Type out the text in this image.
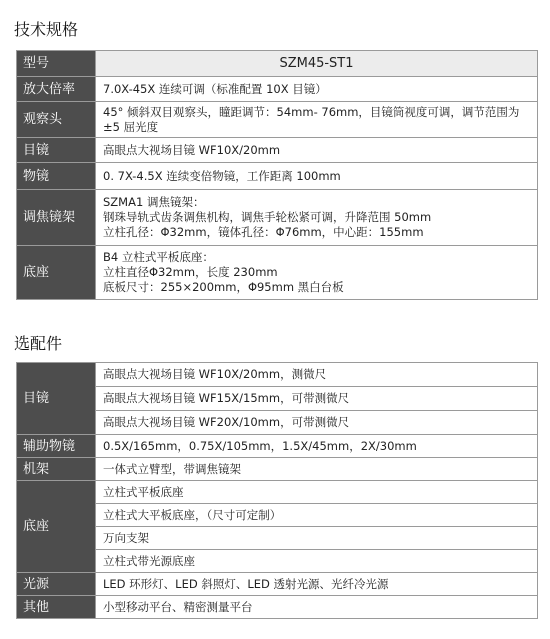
技术规格
型号	SZM45-ST1
放大倍率	7.0X-45X 连续可调（标准配置 10X 目镜）
观察头	45° 倾斜双目观察头，瞳距调节：54mm- 76mm，目镜筒视度可调，调节范围为
±5 屈光度

目镜	高眼点大视场目镜 WF10X/20mm
物镜	0. 7X-4.5X 连续变倍物镜，工作距离 100mm
调焦镜架	SZMA1 调焦镜架：
钢珠导轨式齿条调焦机构，调焦手轮松紧可调，升降范围 50mm
立柱孔径：Φ32mm，镜体孔径：Φ76mm，中心距：155mm

底座	B4 立柱式平板底座：
立柱直径Φ32mm，长度 230mm
底板尺寸：255×200mm，Φ95mm 黑白台板
选配件
目镜	高眼点大视场目镜 WF10X/20mm，测微尺
	高眼点大视场目镜 WF15X/15mm，可带测微尺
	高眼点大视场目镜 WF20X/10mm，可带测微尺
辅助物镜	0.5X/165mm，0.75X/105mm，1.5X/45mm，2X/30mm
机架	一体式立臂型，带调焦镜架
底座	立柱式平板底座
	立柱式大平板底座，（尺寸可定制）
	万向支架
	立柱式带光源底座
光源	LED 环形灯、LED 斜照灯、LED 透射光源、光纤冷光源
其他	小型移动平台、精密测量平台
